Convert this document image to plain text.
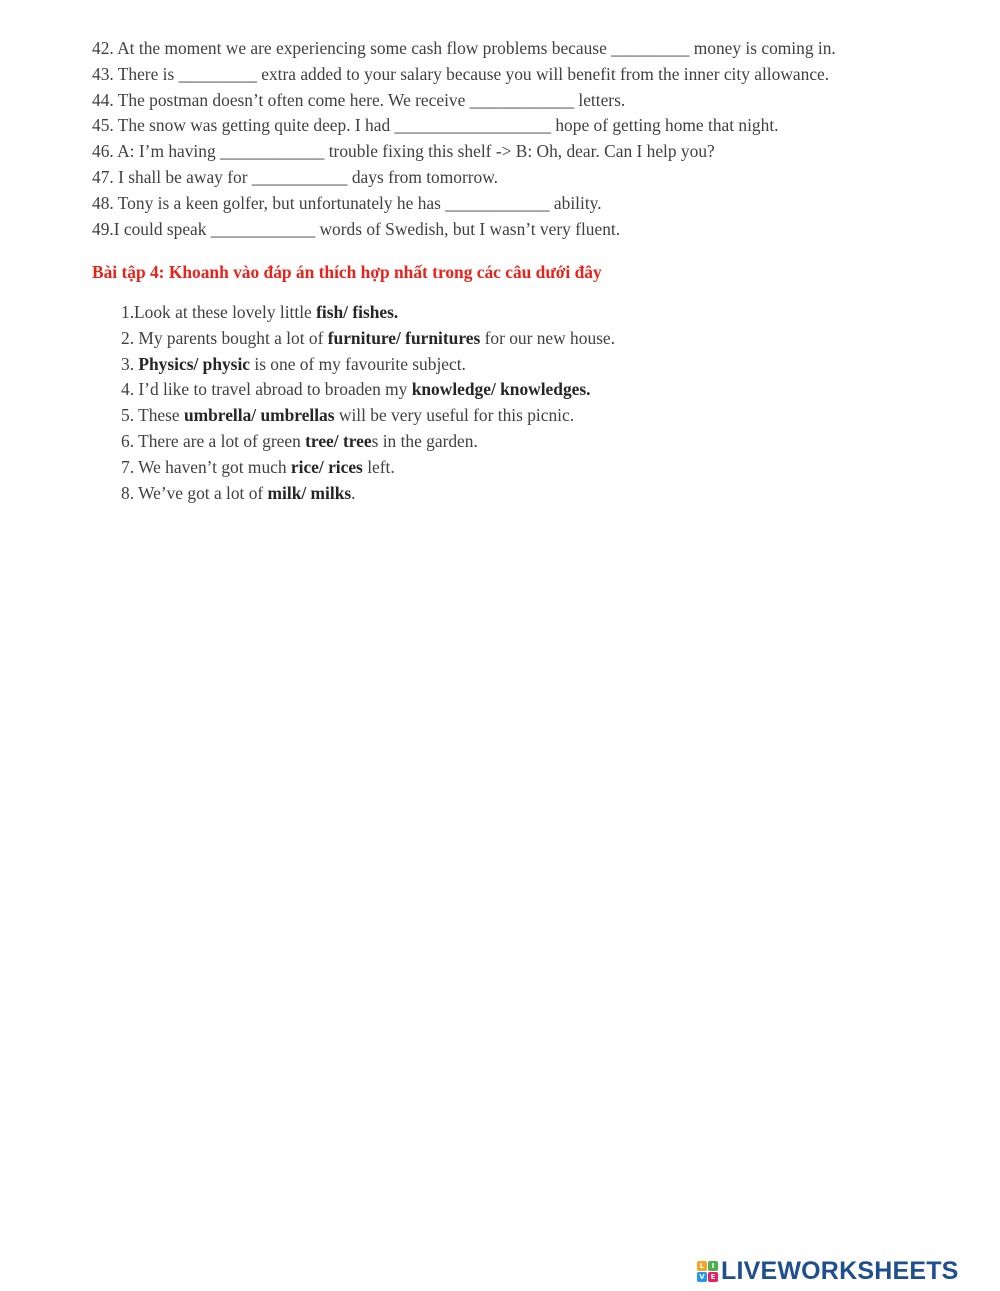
42. At the moment we are experiencing some cash flow problems because _________ money is coming in.
43. There is _________ extra added to your salary because you will benefit from the inner city allowance.
44. The postman doesn’t often come here. We receive ____________ letters.
45. The snow was getting quite deep. I had __________________ hope of getting home that night.
46. A: I’m having ____________ trouble fixing this shelf -> B: Oh, dear. Can I help you?
47. I shall be away for ___________ days from tomorrow.
48. Tony is a keen golfer, but unfortunately he has ____________ ability.
49.I could speak ____________ words of Swedish, but I wasn’t very fluent.
Bài tập 4: Khoanh vào đáp án thích hợp nhất trong các câu dưới đây
1.Look at these lovely little fish/ fishes.
2. My parents bought a lot of furniture/ furnitures for our new house.
3. Physics/ physic is one of my favourite subject.
4. I’d like to travel abroad to broaden my knowledge/ knowledges.
5. These umbrella/ umbrellas will be very useful for this picnic.
6. There are a lot of green tree/ trees in the garden.
7. We haven’t got much rice/ rices left.
8. We’ve got a lot of milk/ milks.
L	I
V E LIVEWORKSHEETS
